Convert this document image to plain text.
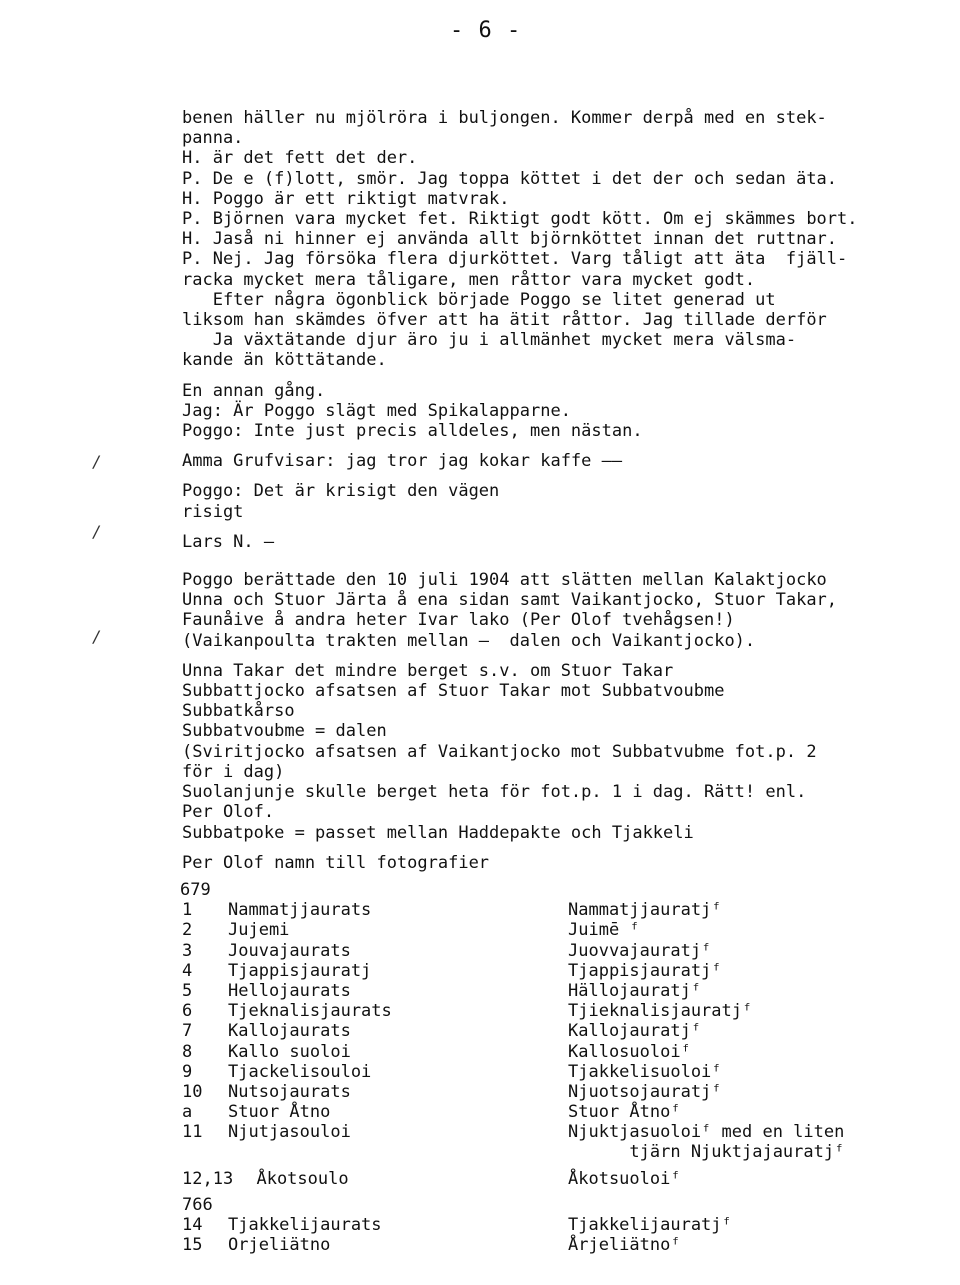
- 6 -
/
/
/
benen häller nu mjölröra i buljongen. Kommer derpå med en stek-
panna.
H. är det fett det der.
P. De e (f)lott, smör. Jag toppa köttet i det der och sedan äta.
H. Poggo är ett riktigt matvrak.
P. Björnen vara mycket fet. Riktigt godt kött. Om ej skämmes bort.
H. Jaså ni hinner ej använda allt björnköttet innan det ruttnar.
P. Nej. Jag försöka flera djurköttet. Varg tåligt att äta  fjäll-
racka mycket mera tåligare, men råttor vara mycket godt.
Efter några ögonblick började Poggo se litet generad ut
liksom han skämdes öfver att ha ätit råttor. Jag tillade derför
Ja växtätande djur äro ju i allmänhet mycket mera välsma-
kande än köttätande.
En annan gång.
Jag: Är Poggo slägt med Spikalapparne.
Poggo: Inte just precis alldeles, men nästan.
Amma Grufvisar: jag tror jag kokar kaffe ——
Poggo: Det är krisigt den vägen
risigt
Lars N. —
Poggo berättade den 10 juli 1904 att slätten mellan Kalaktjocko
Unna och Stuor Järta å ena sidan samt Vaikantjocko, Stuor Takar,
Faunåive å andra heter Ivar lako (Per Olof tvehågsen!)
(Vaikanpoulta trakten mellan —  dalen och Vaikantjocko).
Unna Takar det mindre berget s.v. om Stuor Takar
Subbattjocko afsatsen af Stuor Takar mot Subbatvoubme
Subbatkårso
Subbatvoubme = dalen
(Sviritjocko afsatsen af Vaikantjocko mot Subbatvubme fot.p. 2
för i dag)
Suolanjunje skulle berget heta för fot.p. 1 i dag. Rätt! enl.
Per Olof.
Subbatpoke = passet mellan Haddepakte och Tjakkeli
Per Olof namn till fotografier
679
1 Nammatjjaurats	Nammatjjauratjᶠ
2 Jujemi	Juimē ᶠ
3 Jouvajaurats	Juovvajauratjᶠ
4 Tjappisjauratj	Tjappisjauratjᶠ
5 Hellojaurats	Hällojauratjᶠ
6 Tjeknalisjaurats	Tjieknalisjauratjᶠ
7 Kallojaurats	Kallojauratjᶠ
8 Kallo suoloi	Kallosuoloiᶠ
9 Tjackelisouloi	Tjakkelisuoloiᶠ
10 Nutsojaurats	Njuotsojauratjᶠ
a Stuor Åtno	Stuor Åtnoᶠ
11 Njutjasouloi	Njuktjasuoloiᶠ med en liten
tjärn Njuktjajauratjᶠ
12,13 Åkotsoulo	Åkotsuoloiᶠ
766
14 Tjakkelijaurats	Tjakkelijauratjᶠ
15 Orjeliätno	Årjeliätnoᶠ
